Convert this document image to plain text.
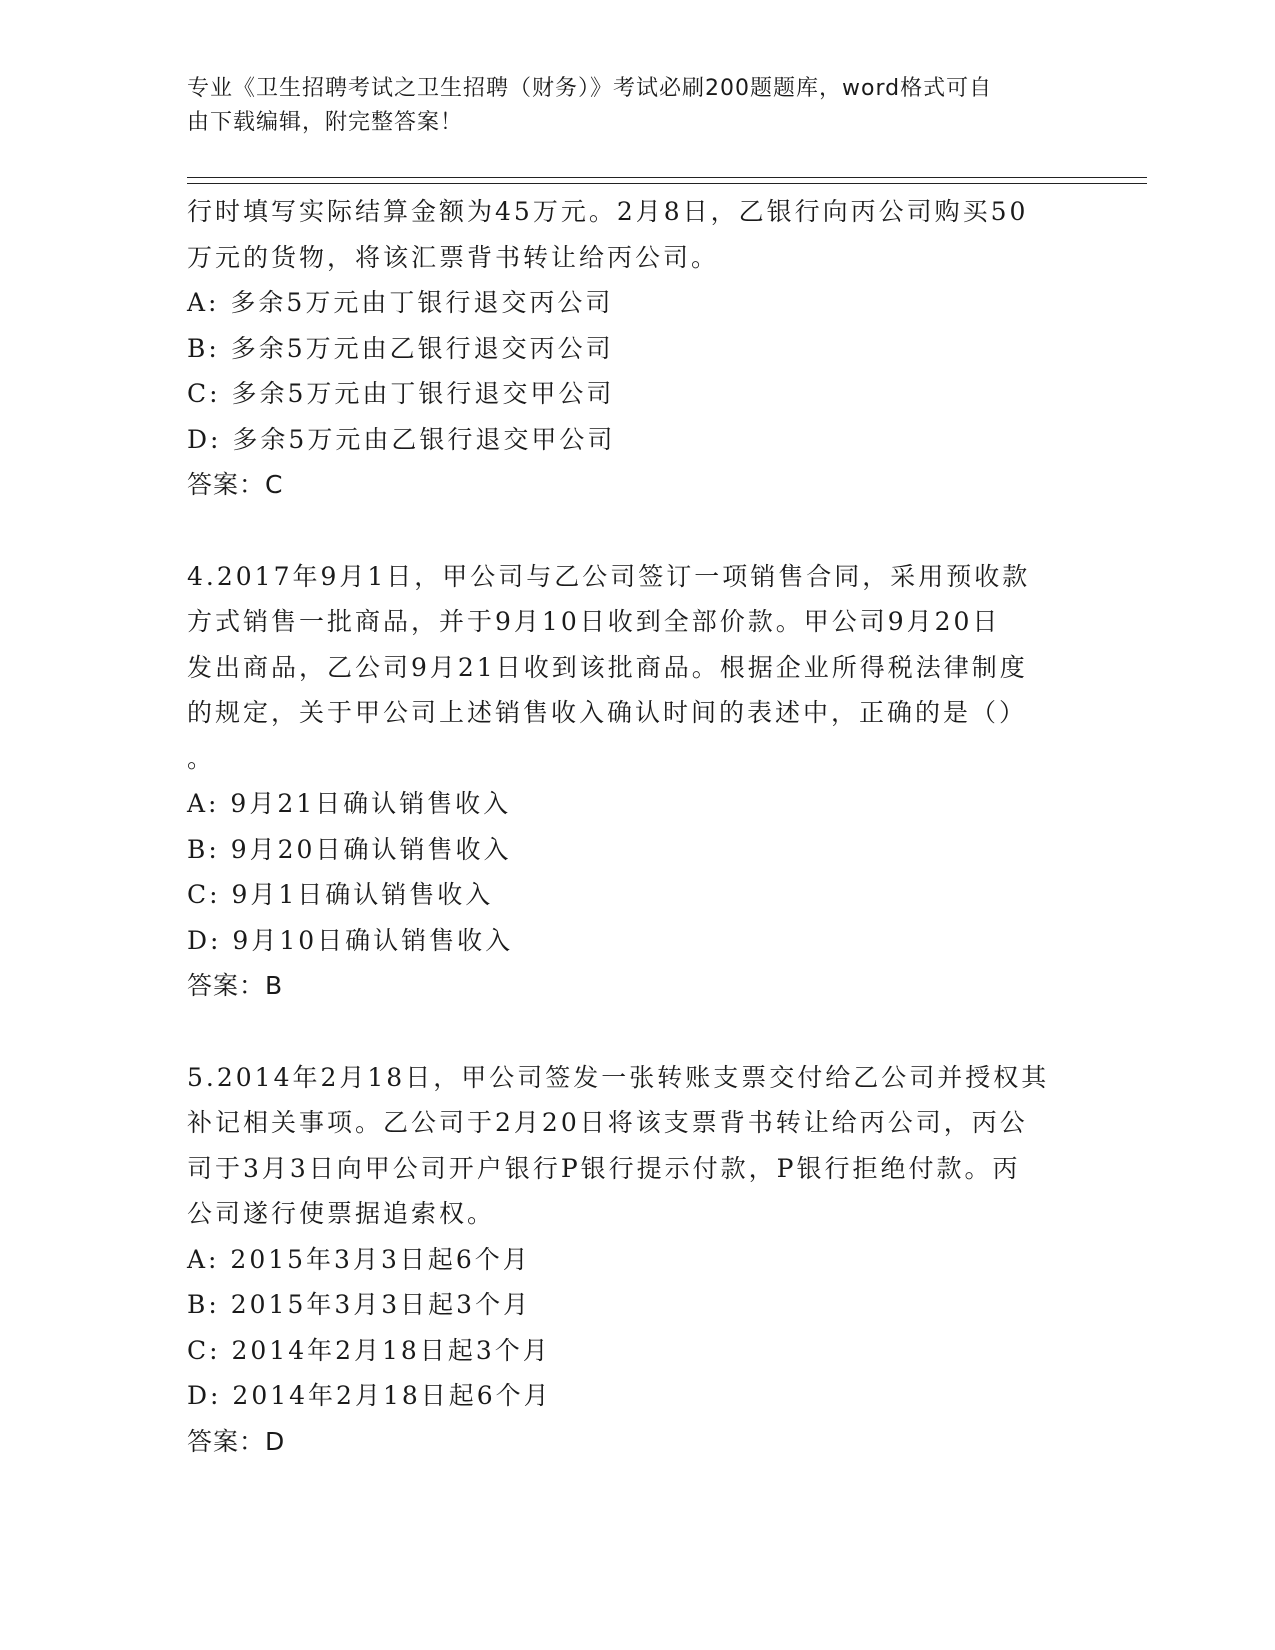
专业《卫生招聘考试之卫生招聘（财务）》考试必刷200题题库，word格式可自
由下载编辑，附完整答案！
行时填写实际结算金额为45万元。2月8日，乙银行向丙公司购买50
万元的货物，将该汇票背书转让给丙公司。
A: 多余5万元由丁银行退交丙公司
B: 多余5万元由乙银行退交丙公司
C: 多余5万元由丁银行退交甲公司
D: 多余5万元由乙银行退交甲公司
答案：C
4.2017年9月1日，甲公司与乙公司签订一项销售合同，采用预收款
方式销售一批商品，并于9月10日收到全部价款。甲公司9月20日
发出商品，乙公司9月21日收到该批商品。根据企业所得税法律制度
的规定，关于甲公司上述销售收入确认时间的表述中，正确的是（）
。
A: 9月21日确认销售收入
B: 9月20日确认销售收入
C: 9月1日确认销售收入
D: 9月10日确认销售收入
答案：B
5.2014年2月18日，甲公司签发一张转账支票交付给乙公司并授权其
补记相关事项。乙公司于2月20日将该支票背书转让给丙公司，丙公
司于3月3日向甲公司开户银行P银行提示付款，P银行拒绝付款。丙
公司遂行使票据追索权。
A: 2015年3月3日起6个月
B: 2015年3月3日起3个月
C: 2014年2月18日起3个月
D: 2014年2月18日起6个月
答案：D
